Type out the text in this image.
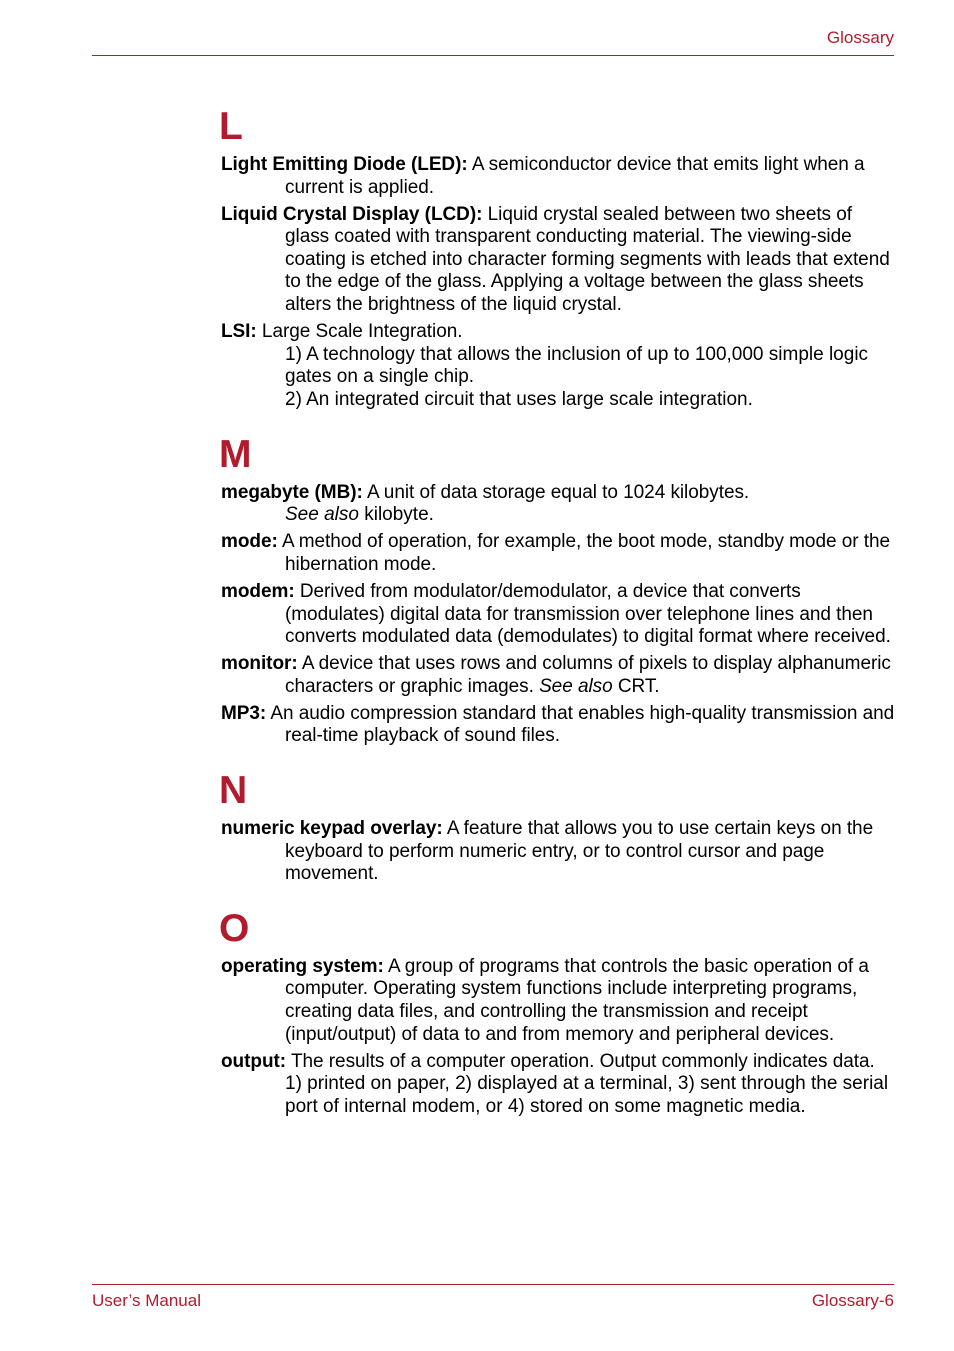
Glossary
L
Light Emitting Diode (LED): A semiconductor device that emits light when a current is applied.
Liquid Crystal Display (LCD): Liquid crystal sealed between two sheets of glass coated with transparent conducting material. The viewing-side coating is etched into character forming segments with leads that extend to the edge of the glass. Applying a voltage between the glass sheets alters the brightness of the liquid crystal.
LSI: Large Scale Integration.
1) A technology that allows the inclusion of up to 100,000 simple logic gates on a single chip.
2) An integrated circuit that uses large scale integration.
M
megabyte (MB): A unit of data storage equal to 1024 kilobytes.
See also kilobyte.
mode: A method of operation, for example, the boot mode, standby mode or the hibernation mode.
modem: Derived from modulator/demodulator, a device that converts (modulates) digital data for transmission over telephone lines and then converts modulated data (demodulates) to digital format where received.
monitor: A device that uses rows and columns of pixels to display alphanumeric characters or graphic images. See also CRT.
MP3: An audio compression standard that enables high-quality transmission and real-time playback of sound files.
N
numeric keypad overlay: A feature that allows you to use certain keys on the keyboard to perform numeric entry, or to control cursor and page movement.
O
operating system: A group of programs that controls the basic operation of a computer. Operating system functions include interpreting programs, creating data files, and controlling the transmission and receipt (input/output) of data to and from memory and peripheral devices.
output: The results of a computer operation. Output commonly indicates data.
1) printed on paper, 2) displayed at a terminal, 3) sent through the serial port of internal modem, or 4) stored on some magnetic media.
User’s Manual	Glossary-6
